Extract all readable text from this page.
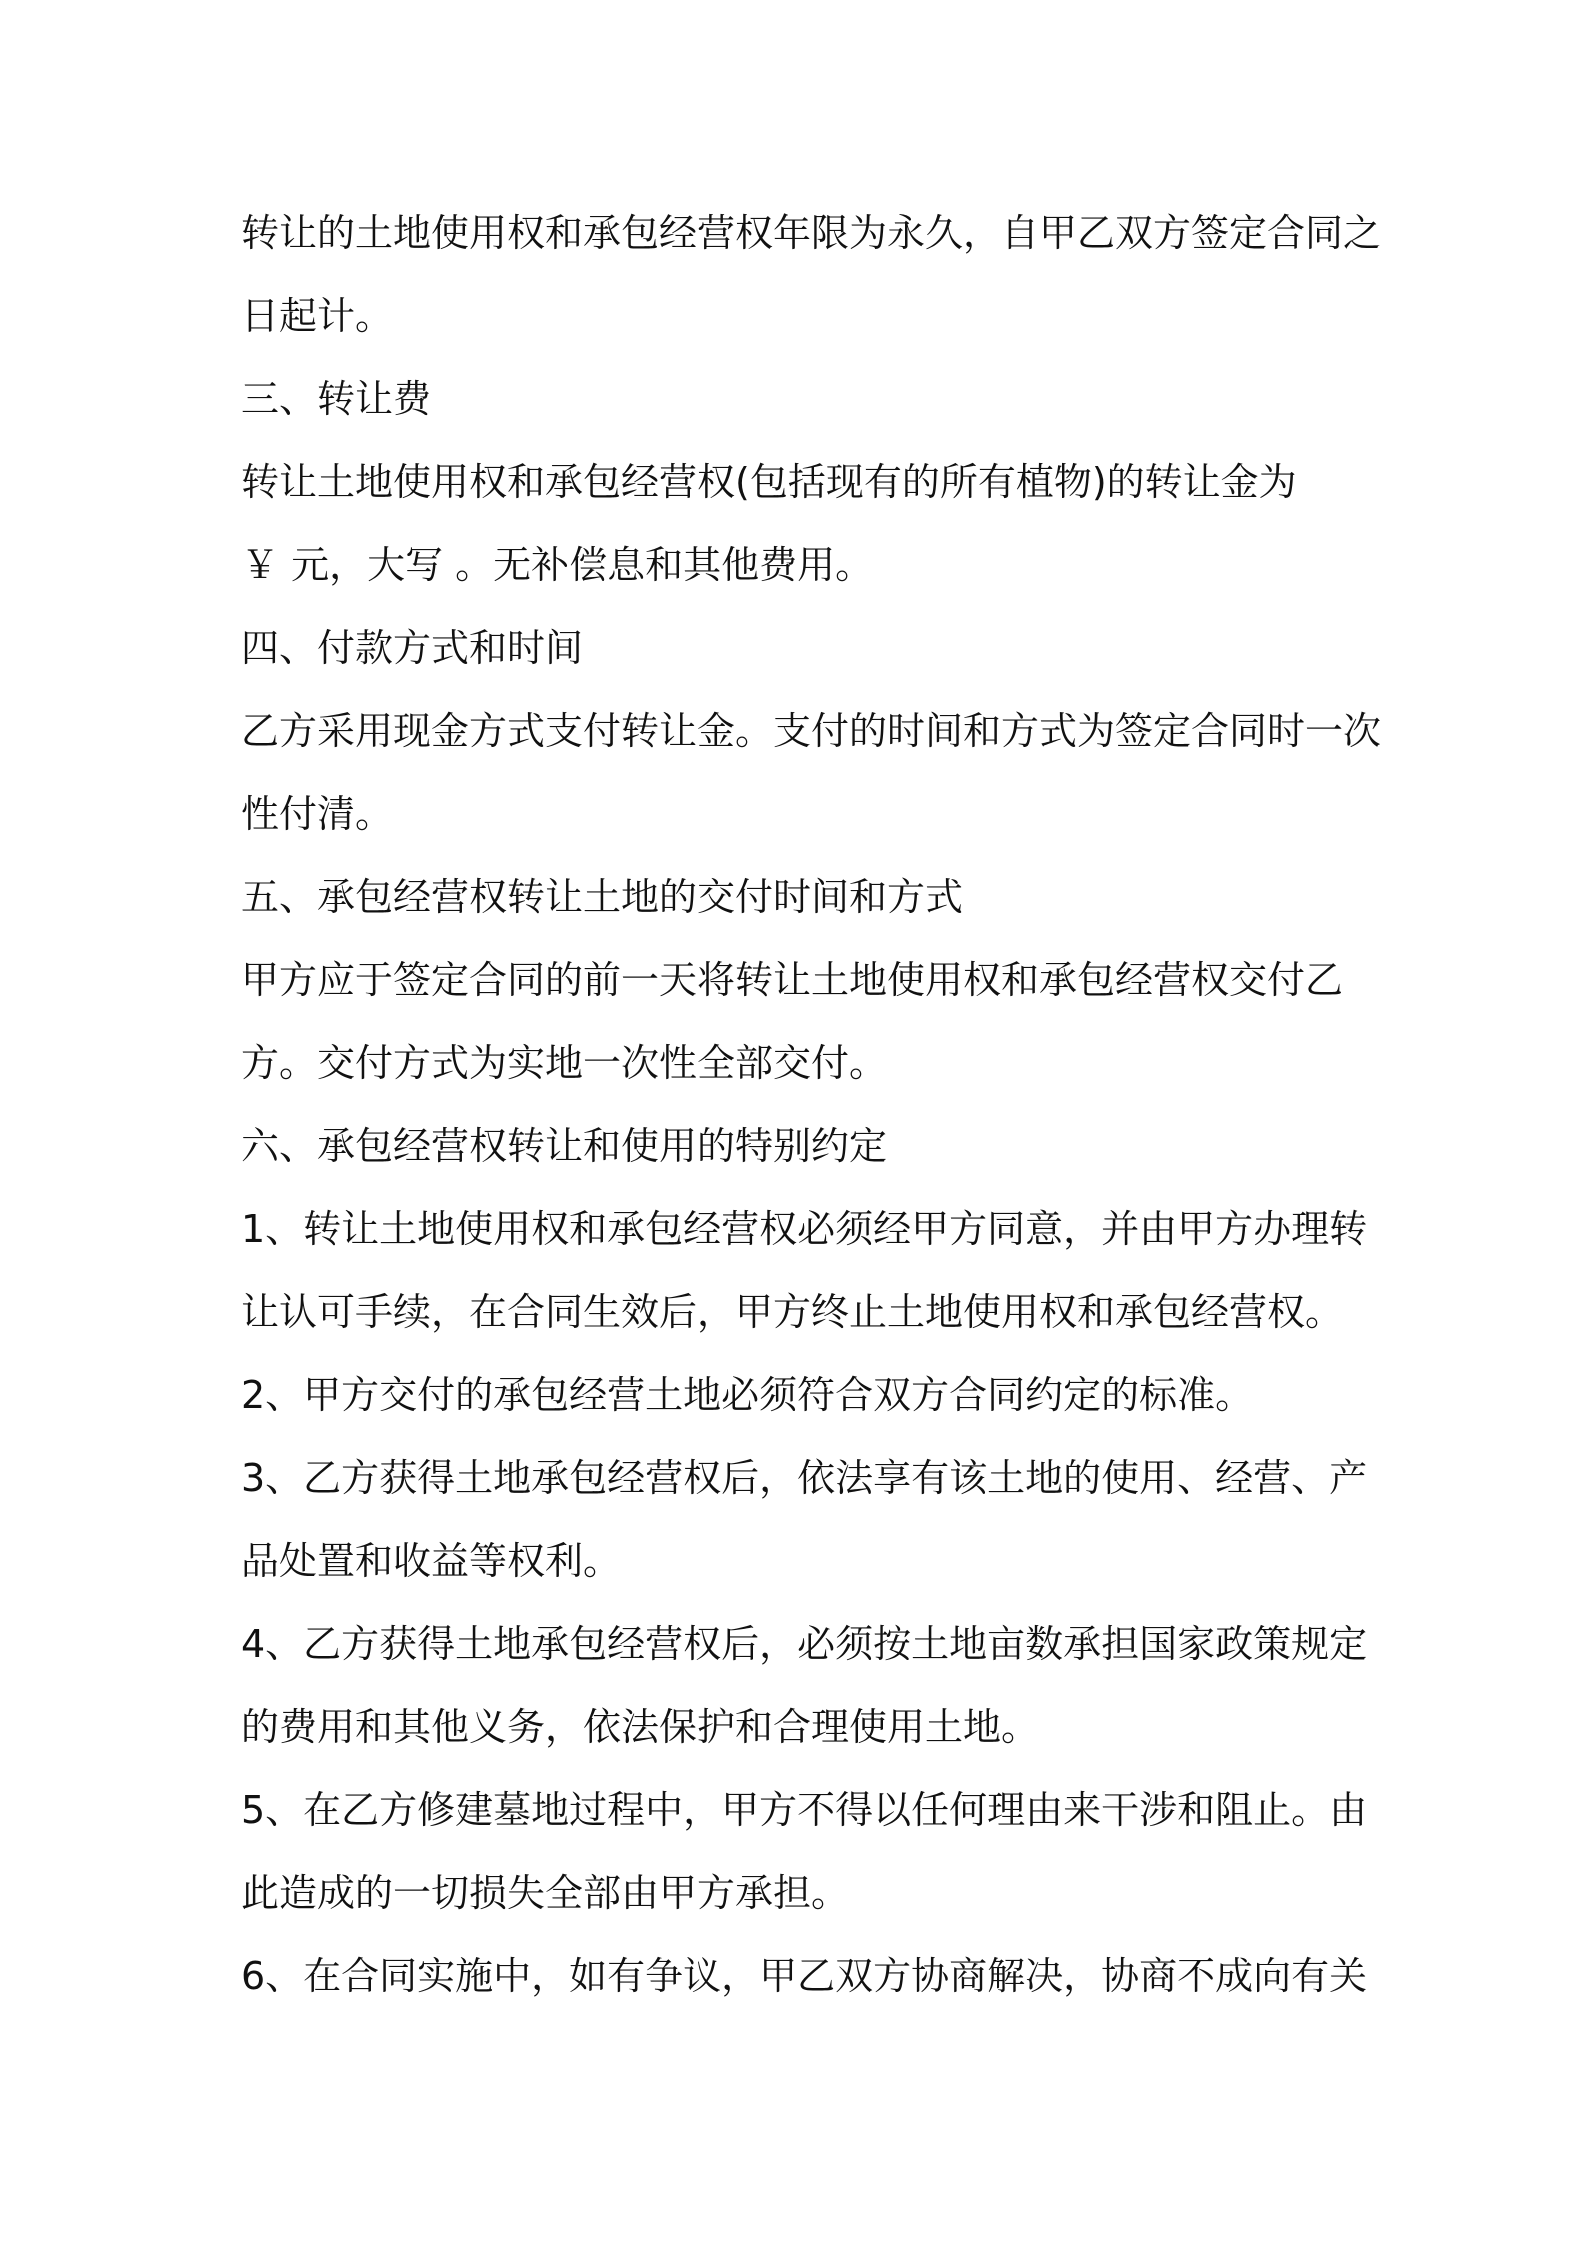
转让的土地使用权和承包经营权年限为永久，自甲乙双方签定合同之
日起计。
三、转让费
转让土地使用权和承包经营权(包括现有的所有植物)的转让金为
￥ 元，大写 。无补偿息和其他费用。
四、付款方式和时间
乙方采用现金方式支付转让金。支付的时间和方式为签定合同时一次
性付清。
五、承包经营权转让土地的交付时间和方式
甲方应于签定合同的前一天将转让土地使用权和承包经营权交付乙
方。交付方式为实地一次性全部交付。
六、承包经营权转让和使用的特别约定
1、转让土地使用权和承包经营权必须经甲方同意，并由甲方办理转
让认可手续，在合同生效后，甲方终止土地使用权和承包经营权。
2、甲方交付的承包经营土地必须符合双方合同约定的标准。
3、乙方获得土地承包经营权后，依法享有该土地的使用、经营、产
品处置和收益等权利。
4、乙方获得土地承包经营权后，必须按土地亩数承担国家政策规定
的费用和其他义务，依法保护和合理使用土地。
5、在乙方修建墓地过程中，甲方不得以任何理由来干涉和阻止。由
此造成的一切损失全部由甲方承担。
6、在合同实施中，如有争议，甲乙双方协商解决，协商不成向有关
